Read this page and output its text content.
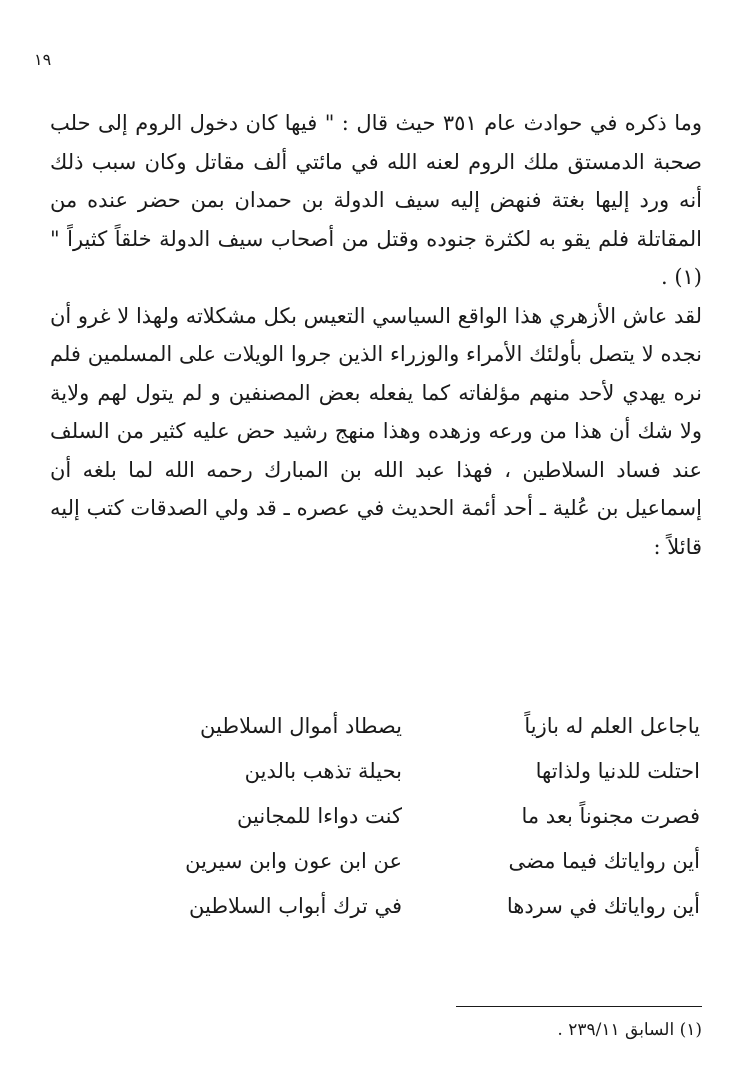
١٩

وما ذكره في حوادث عام ٣٥١ حيث قال : " فيها كان دخول الروم إلى حلب صحبة الدمستق ملك الروم لعنه الله في مائتي ألف مقاتل وكان سبب ذلك أنه ورد إليها بغتة فنهض إليه سيف الدولة بن حمدان بمن حضر عنده من المقاتلة فلم يقو به لكثرة جنوده وقتل من أصحاب سيف الدولة خلقاً كثيراً " (١) .

لقد عاش الأزهري هذا الواقع السياسي التعيس بكل مشكلاته ولهذا لا غرو أن نجده لا يتصل بأولئك الأمراء والوزراء الذين جروا الويلات على المسلمين فلم نره يهدي لأحد منهم مؤلفاته كما يفعله بعض المصنفين و لم يتول لهم ولاية ولا شك أن هذا من ورعه وزهده وهذا منهج رشيد حض عليه كثير من السلف عند فساد السلاطين ، فهذا عبد الله بن المبارك رحمه الله لما بلغه أن إسماعيل بن عُلية ـ أحد أئمة الحديث في عصره ـ قد ولي الصدقات كتب إليه قائلاً :

ياجاعل العلم له بازياً
يصطاد أموال السلاطين
احتلت للدنيا ولذاتها
بحيلة تذهب بالدين
فصرت مجنوناً بعد ما
كنت دواءا للمجانين
أين رواياتك فيما مضى
عن ابن عون وابن سيرين
أين رواياتك في سردها
في ترك أبواب السلاطين
(١) السابق ٢٣٩/١١ .
